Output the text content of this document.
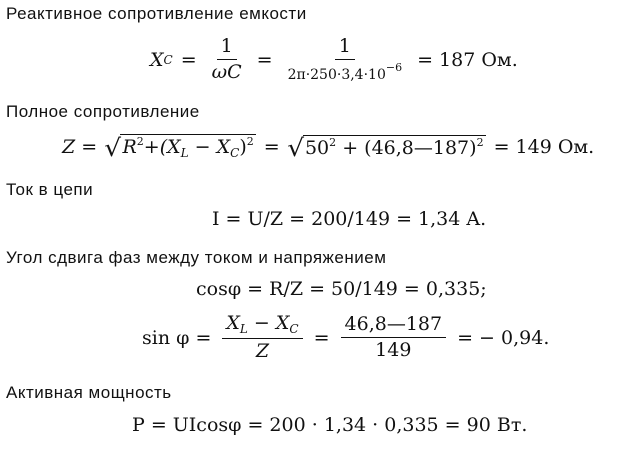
Реактивное сопротивление емкости
X $C = \frac{1}{\omega C} = \frac{1}{2\pi\cdot 250\cdot 3,4\cdot 10^{-6}} = 187$ Ом.
Полное сопротивление
Z = √ $R^2+(X_L - X_C)^2$ = √ $50^2$ + (46,8—187)$^2$ = 149 Ом.
Ток в цепи
I = U/Z = 200/149 = 1,34 A.
Угол сдвига фаз между током и напряжением
cosφ = R/Z = 50/149 = 0,335;
$\sin \varphi = \frac{X_L - X_C}{Z} = \frac{46,8—187}{149}$ = − 0,94.
Активная мощность
P = UIcosφ = 200 · 1,34 · 0,335 = 90 Вт.
